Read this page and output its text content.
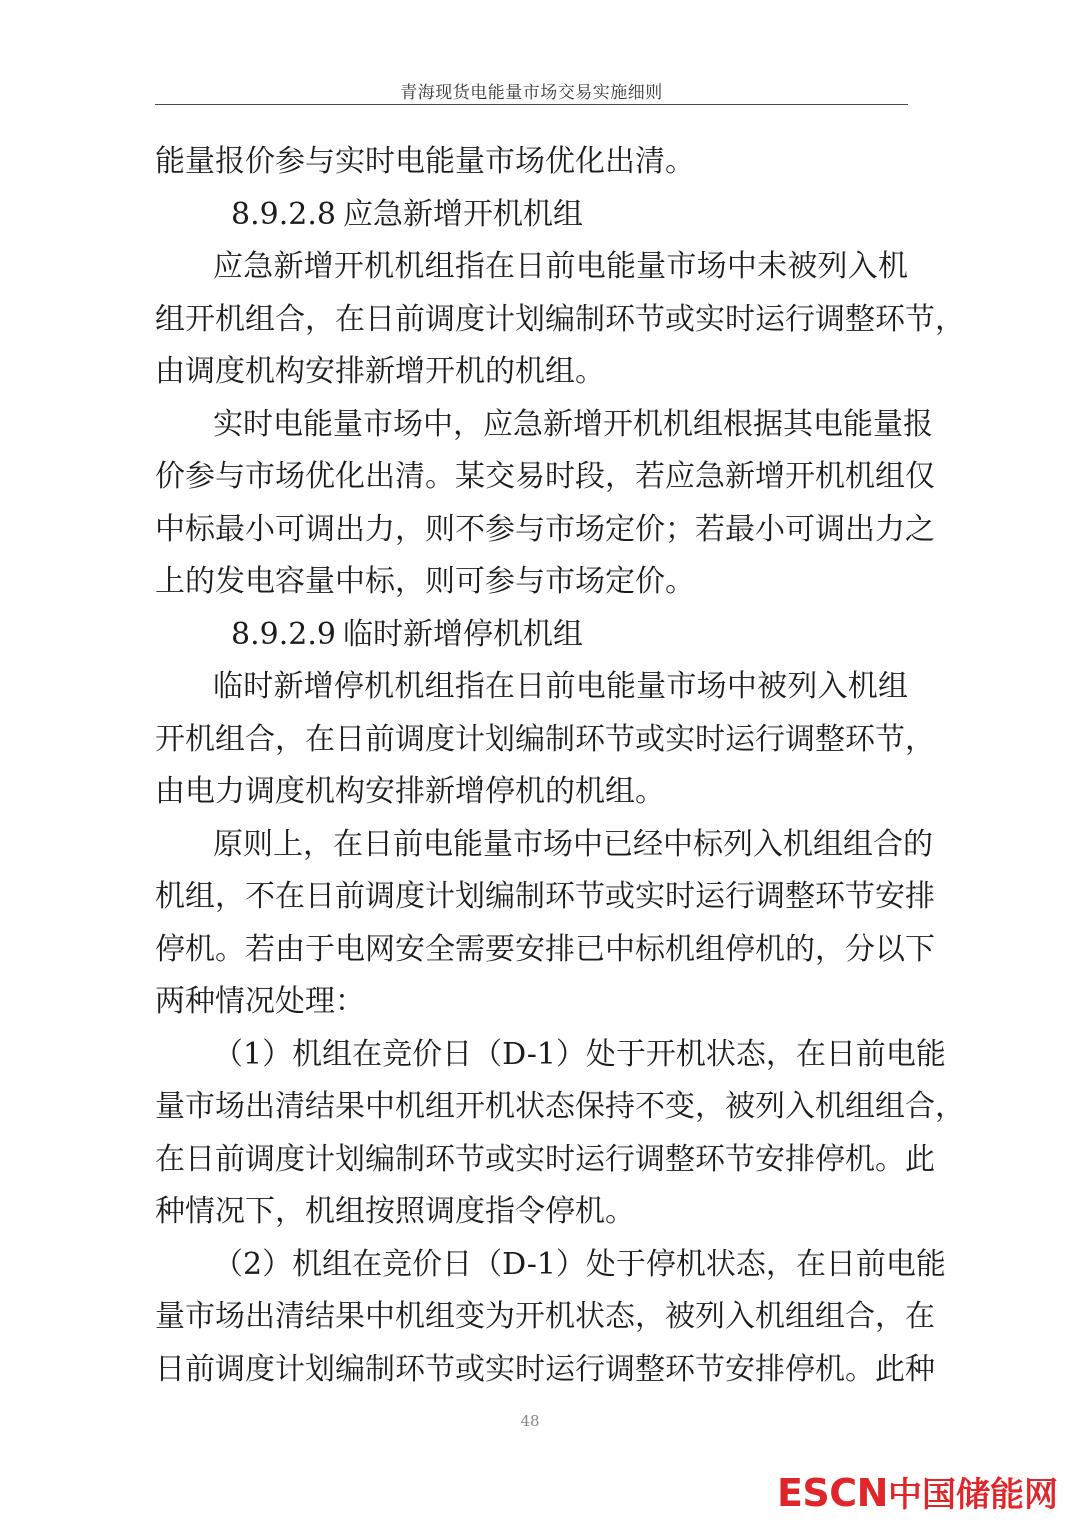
青海现货电能量市场交易实施细则
能量报价参与实时电能量市场优化出清。
8.9.2.8 应急新增开机机组
应急新增开机机组指在日前电能量市场中未被列入机
组开机组合，在日前调度计划编制环节或实时运行调整环节，
由调度机构安排新增开机的机组。
实时电能量市场中，应急新增开机机组根据其电能量报
价参与市场优化出清。某交易时段，若应急新增开机机组仅
中标最小可调出力，则不参与市场定价；若最小可调出力之
上的发电容量中标，则可参与市场定价。
8.9.2.9 临时新增停机机组
临时新增停机机组指在日前电能量市场中被列入机组
开机组合，在日前调度计划编制环节或实时运行调整环节，
由电力调度机构安排新增停机的机组。
原则上，在日前电能量市场中已经中标列入机组组合的
机组，不在日前调度计划编制环节或实时运行调整环节安排
停机。若由于电网安全需要安排已中标机组停机的，分以下
两种情况处理：
（1）机组在竞价日（D-1）处于开机状态，在日前电能
量市场出清结果中机组开机状态保持不变，被列入机组组合，
在日前调度计划编制环节或实时运行调整环节安排停机。此
种情况下，机组按照调度指令停机。
（2）机组在竞价日（D-1）处于停机状态，在日前电能
量市场出清结果中机组变为开机状态，被列入机组组合，在
日前调度计划编制环节或实时运行调整环节安排停机。此种
48
ESCN中国储能网
